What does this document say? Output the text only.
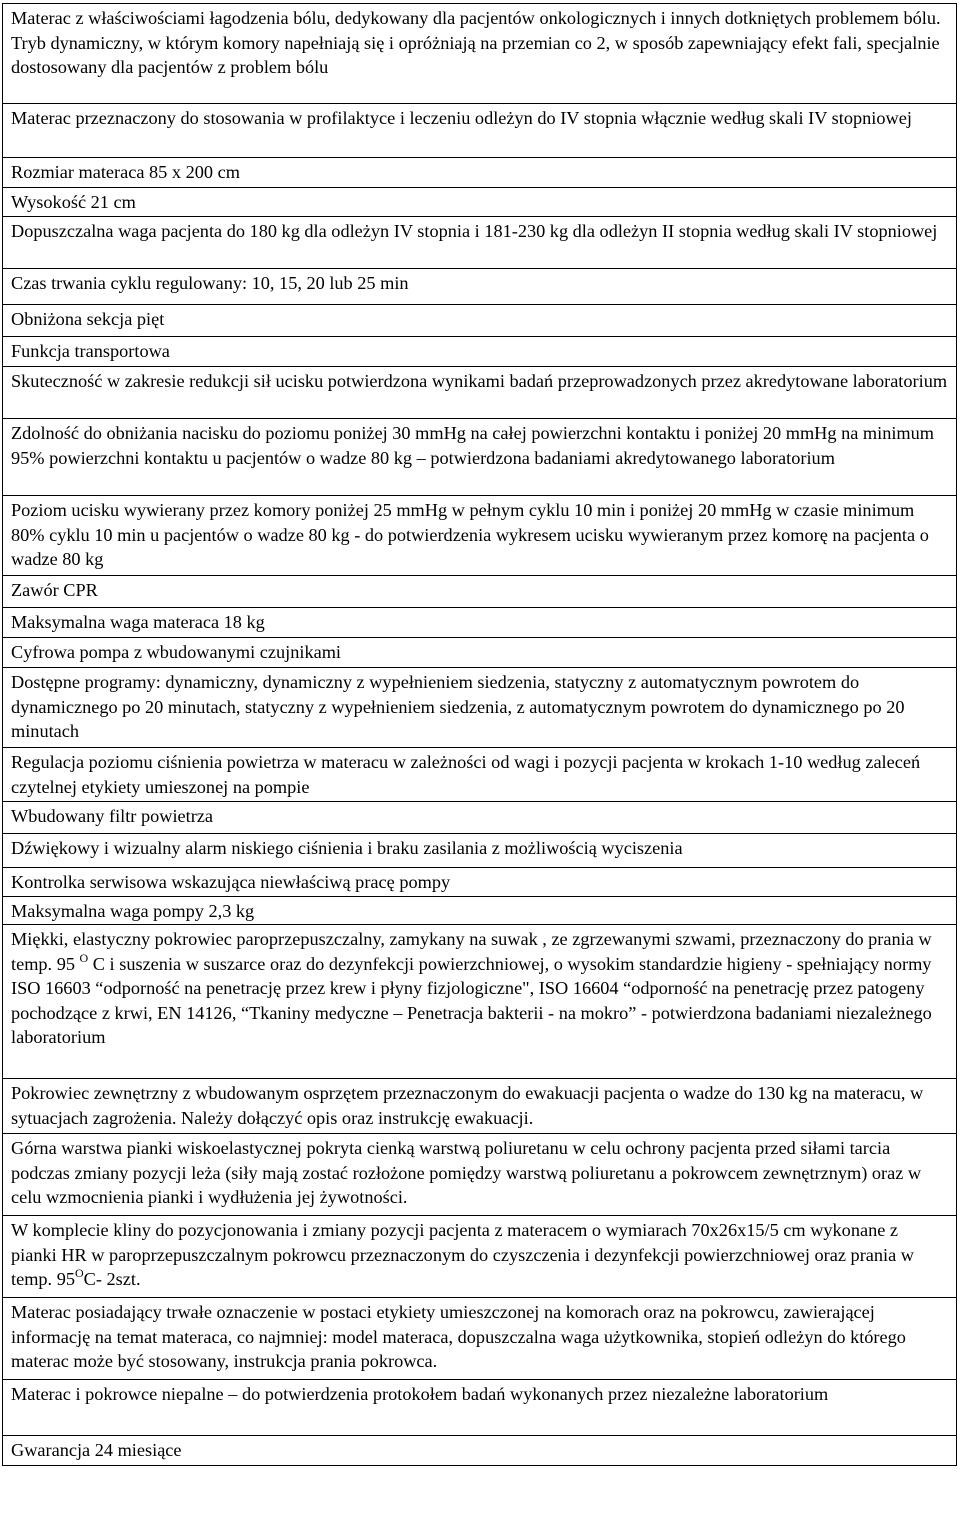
Materac z właściwościami łagodzenia bólu, dedykowany dla pacjentów onkologicznych i innych dotkniętych problemem bólu. Tryb dynamiczny, w którym komory napełniają się i opróżniają na przemian co 2, w sposób zapewniający efekt fali, specjalnie dostosowany dla pacjentów z problem bólu
Materac przeznaczony do stosowania w profilaktyce i leczeniu odleżyn do IV stopnia włącznie według skali IV stopniowej
Rozmiar materaca 85 x 200 cm
Wysokość 21 cm
Dopuszczalna waga pacjenta do 180 kg dla odleżyn IV stopnia i 181-230 kg dla odleżyn II stopnia według skali IV stopniowej
Czas trwania cyklu regulowany: 10, 15, 20 lub 25 min
Obniżona sekcja pięt
Funkcja transportowa
Skuteczność w zakresie redukcji sił ucisku potwierdzona wynikami badań przeprowadzonych przez akredytowane laboratorium
Zdolność do obniżania nacisku do poziomu poniżej 30 mmHg na całej powierzchni kontaktu i poniżej 20 mmHg na minimum 95% powierzchni kontaktu u pacjentów o wadze 80 kg – potwierdzona badaniami akredytowanego laboratorium
Poziom ucisku wywierany przez komory poniżej 25 mmHg w pełnym cyklu 10 min i poniżej 20 mmHg w czasie minimum 80% cyklu 10 min u pacjentów o wadze 80 kg - do potwierdzenia wykresem ucisku wywieranym przez komorę na pacjenta o wadze 80 kg
Zawór CPR
Maksymalna waga materaca 18 kg
Cyfrowa pompa z wbudowanymi czujnikami
Dostępne programy: dynamiczny, dynamiczny z wypełnieniem siedzenia, statyczny z automatycznym powrotem do dynamicznego po 20 minutach, statyczny z wypełnieniem siedzenia, z automatycznym powrotem do dynamicznego po 20 minutach
Regulacja poziomu ciśnienia powietrza w materacu w zależności od wagi i pozycji pacjenta w krokach 1-10 według zaleceń czytelnej etykiety umieszonej na pompie
Wbudowany filtr powietrza
Dźwiękowy i wizualny alarm niskiego ciśnienia i braku zasilania z możliwością wyciszenia
Kontrolka serwisowa wskazująca niewłaściwą pracę pompy
Maksymalna waga pompy 2,3 kg
Miękki, elastyczny pokrowiec paroprzepuszczalny, zamykany na suwak , ze zgrzewanymi szwami, przeznaczony do prania w temp. 95 $^O$ C i suszenia w suszarce oraz do dezynfekcji powierzchniowej, o wysokim standardzie higieny - spełniający normy ISO 16603 “odporność na penetrację przez krew i płyny fizjologiczne", ISO 16604 “odporność na penetrację przez patogeny pochodzące z krwi, EN 14126, “Tkaniny medyczne – Penetracja bakterii - na mokro” - potwierdzona badaniami niezależnego laboratorium
Pokrowiec zewnętrzny z wbudowanym osprzętem przeznaczonym do ewakuacji pacjenta o wadze do 130 kg na materacu, w sytuacjach zagrożenia. Należy dołączyć opis oraz instrukcję ewakuacji.
Górna warstwa pianki wiskoelastycznej pokryta cienką warstwą poliuretanu w celu ochrony pacjenta przed siłami tarcia podczas zmiany pozycji leża (siły mają zostać rozłożone pomiędzy warstwą poliuretanu a pokrowcem zewnętrznym) oraz w celu wzmocnienia pianki i wydłużenia jej żywotności.
W komplecie kliny do pozycjonowania i zmiany pozycji pacjenta z materacem o wymiarach 70x26x15/5 cm wykonane z pianki HR w paroprzepuszczalnym pokrowcu przeznaczonym do czyszczenia i dezynfekcji powierzchniowej oraz prania w temp. $95^OC-$ 2szt.
Materac posiadający trwałe oznaczenie w postaci etykiety umieszczonej na komorach oraz na pokrowcu, zawierającej informację na temat materaca, co najmniej: model materaca, dopuszczalna waga użytkownika, stopień odleżyn do którego materac może być stosowany, instrukcja prania pokrowca.
Materac i pokrowce niepalne – do potwierdzenia protokołem badań wykonanych przez niezależne laboratorium
Gwarancja 24 miesiące
